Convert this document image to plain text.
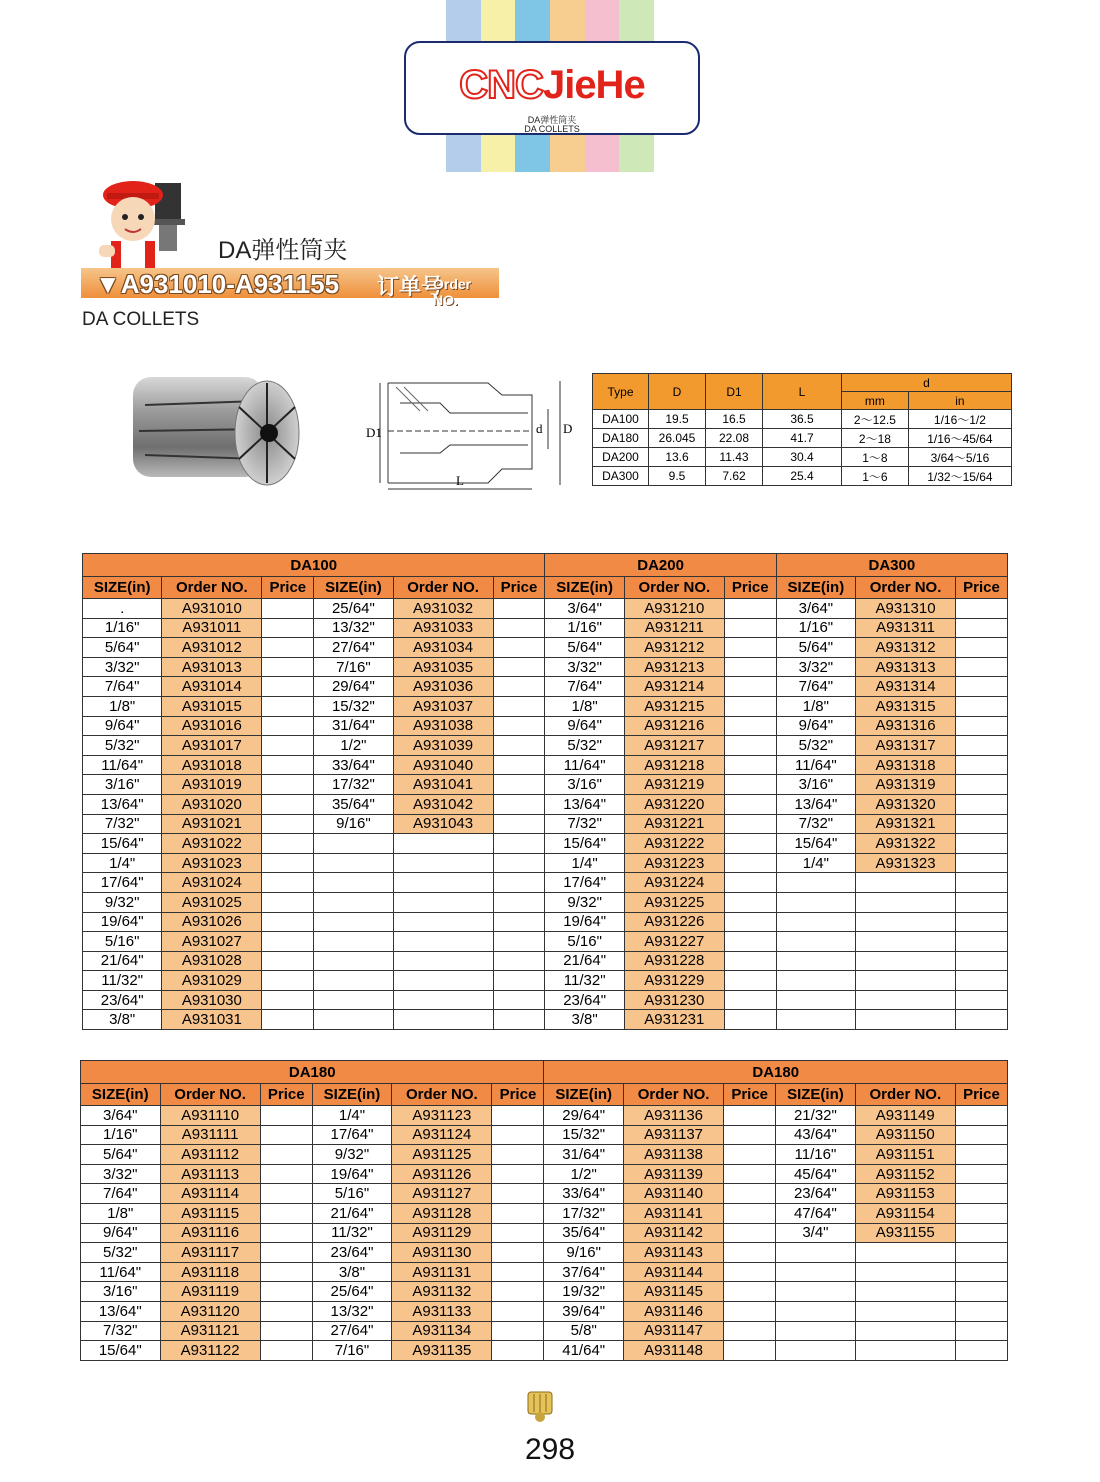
CNCJieHe
DA弹性筒夹
DA COLLETS
DA弹性筒夹
▼A931010-A931155 订单号
Order NO.
DA COLLETS
D1	d D
L
Type	D	D1	L	d	
				mm	in
DA100	19.5	16.5	36.5	2～12.5	1/16～1/2
DA180	26.045	22.08	41.7	2～18	1/16～45/64
DA200	13.6	11.43	30.4	1～8	3/64～5/16
DA300	9.5	7.62	25.4	1～6	1/32～15/64
DA100						DA200			DA300		
SIZE(in)	Order NO.	Price	SIZE(in)	Order NO.	Price	SIZE(in)	Order NO.	Price	SIZE(in)	Order NO.	Price
.	A931010		25/64"	A931032		3/64"	A931210		3/64"	A931310	
1/16"	A931011		13/32"	A931033		1/16"	A931211		1/16"	A931311	
5/64"	A931012		27/64"	A931034		5/64"	A931212		5/64"	A931312	
3/32"	A931013		7/16"	A931035		3/32"	A931213		3/32"	A931313	
7/64"	A931014		29/64"	A931036		7/64"	A931214		7/64"	A931314	
1/8"	A931015		15/32"	A931037		1/8"	A931215		1/8"	A931315	
9/64"	A931016		31/64"	A931038		9/64"	A931216		9/64"	A931316	
5/32"	A931017		1/2"	A931039		5/32"	A931217		5/32"	A931317	
11/64"	A931018		33/64"	A931040		11/64"	A931218		11/64"	A931318	
3/16"	A931019		17/32"	A931041		3/16"	A931219		3/16"	A931319	
13/64"	A931020		35/64"	A931042		13/64"	A931220		13/64"	A931320	
7/32"	A931021		9/16"	A931043		7/32"	A931221		7/32"	A931321	
15/64"	A931022					15/64"	A931222		15/64"	A931322	
1/4"	A931023					1/4"	A931223		1/4"	A931323	
17/64"	A931024					17/64"	A931224				
9/32"	A931025					9/32"	A931225				
19/64"	A931026					19/64"	A931226				
5/16"	A931027					5/16"	A931227				
21/64"	A931028					21/64"	A931228				
11/32"	A931029					11/32"	A931229				
23/64"	A931030					23/64"	A931230				
3/8"	A931031					3/8"	A931231				
DA180						DA180					
SIZE(in)	Order NO.	Price	SIZE(in)	Order NO.	Price	SIZE(in)	Order NO.	Price	SIZE(in)	Order NO.	Price
3/64"	A931110		1/4"	A931123		29/64"	A931136		21/32"	A931149	
1/16"	A931111		17/64"	A931124		15/32"	A931137		43/64"	A931150	
5/64"	A931112		9/32"	A931125		31/64"	A931138		11/16"	A931151	
3/32"	A931113		19/64"	A931126		1/2"	A931139		45/64"	A931152	
7/64"	A931114		5/16"	A931127		33/64"	A931140		23/64"	A931153	
1/8"	A931115		21/64"	A931128		17/32"	A931141		47/64"	A931154	
9/64"	A931116		11/32"	A931129		35/64"	A931142		3/4"	A931155	
5/32"	A931117		23/64"	A931130		9/16"	A931143				
11/64"	A931118		3/8"	A931131		37/64"	A931144				
3/16"	A931119		25/64"	A931132		19/32"	A931145				
13/64"	A931120		13/32"	A931133		39/64"	A931146				
7/32"	A931121		27/64"	A931134		5/8"	A931147				
15/64"	A931122		7/16"	A931135		41/64"	A931148				
298
